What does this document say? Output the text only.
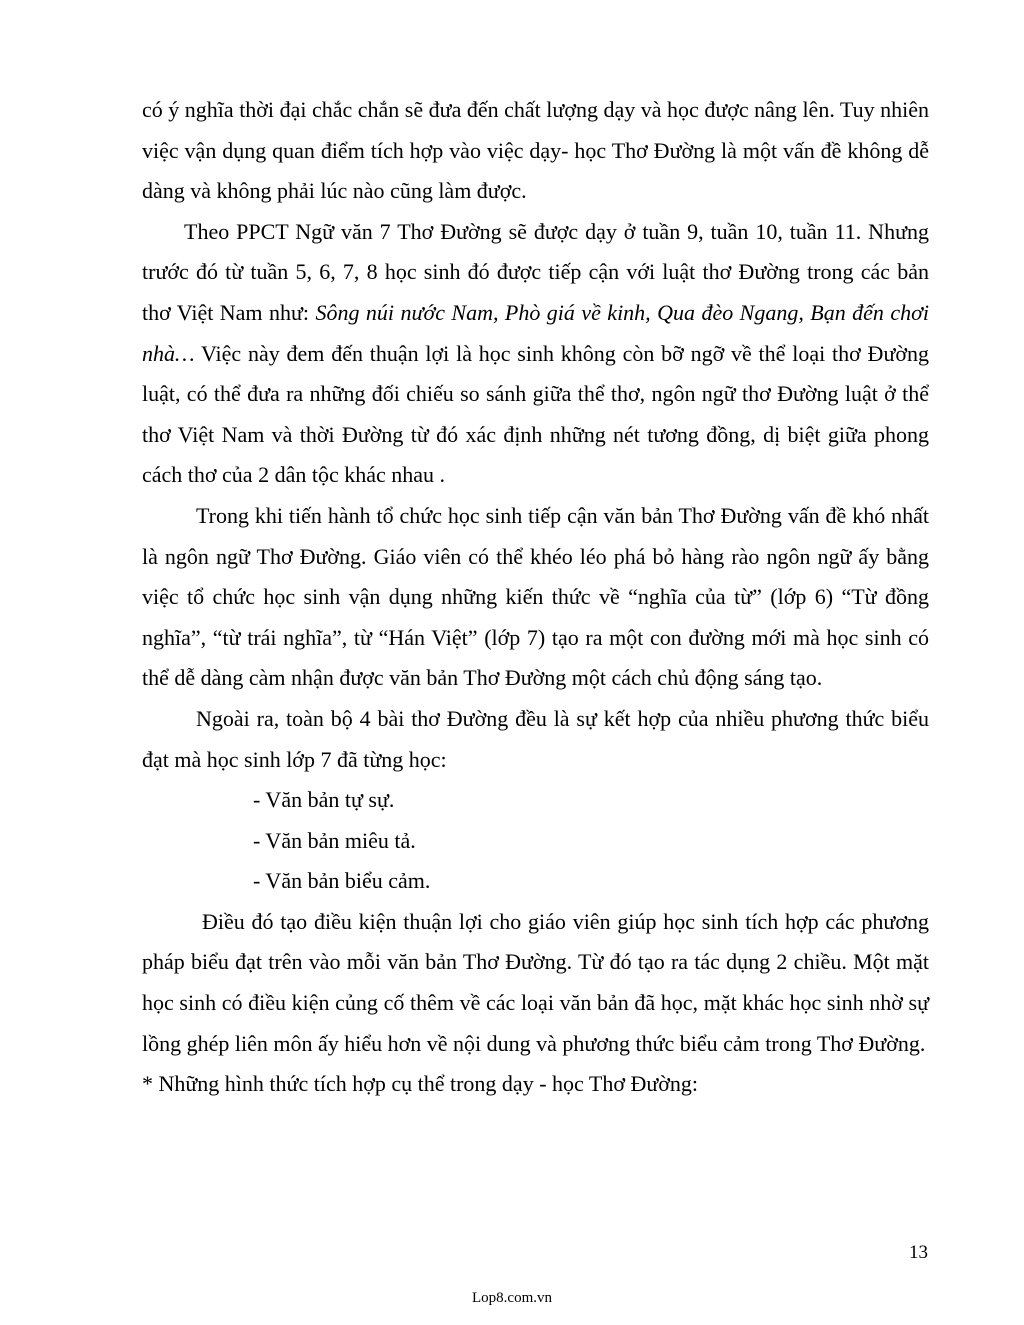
có ý nghĩa thời đại chắc chắn sẽ đưa đến chất lượng dạy và học được nâng lên. Tuy nhiên việc vận dụng quan điểm tích hợp vào việc dạy- học Thơ Đường là một vấn đề không dễ dàng và không phải lúc nào cũng làm được.

Theo PPCT Ngữ văn 7 Thơ Đường sẽ được dạy ở tuần 9, tuần 10, tuần 11. Nhưng trước đó từ tuần 5, 6, 7, 8 học sinh đó được tiếp cận với luật thơ Đường trong các bản thơ Việt Nam như: Sông núi nước Nam, Phò giá về kinh, Qua đèo Ngang, Bạn đến chơi nhà… Việc này đem đến thuận lợi là học sinh không còn bỡ ngỡ về thể loại thơ Đường luật, có thể đưa ra những đối chiếu so sánh giữa thể thơ, ngôn ngữ thơ Đường luật ở thể thơ Việt Nam và thời Đường từ đó xác định những nét tương đồng, dị biệt giữa phong cách thơ của 2 dân tộc khác nhau .

Trong khi tiến hành tổ chức học sinh tiếp cận văn bản Thơ Đường vấn đề khó nhất là ngôn ngữ Thơ Đường. Giáo viên có thể khéo léo phá bỏ hàng rào ngôn ngữ ấy bằng việc tổ chức học sinh vận dụng những kiến thức về “nghĩa của từ” (lớp 6) “Từ đồng nghĩa”, “từ trái nghĩa”, từ “Hán Việt” (lớp 7) tạo ra một con đường mới mà học sinh có thể dễ dàng càm nhận được văn bản Thơ Đường một cách chủ động sáng tạo.

Ngoài ra, toàn bộ 4 bài thơ Đường đều là sự kết hợp của nhiều phương thức biểu đạt mà học sinh lớp 7 đã từng học:

- Văn bản tự sự.

- Văn bản miêu tả.

- Văn bản biểu cảm.

Điều đó tạo điều kiện thuận lợi cho giáo viên giúp học sinh tích hợp các phương pháp biểu đạt trên vào mỗi văn bản Thơ Đường. Từ đó tạo ra tác dụng 2 chiều. Một mặt học sinh có điều kiện củng cố thêm về các loại văn bản đã học, mặt khác học sinh nhờ sự lồng ghép liên môn ấy hiểu hơn về nội dung và phương thức biểu cảm trong Thơ Đường.

* Những hình thức tích hợp cụ thể trong dạy - học Thơ Đường:

13
Lop8.com.vn
